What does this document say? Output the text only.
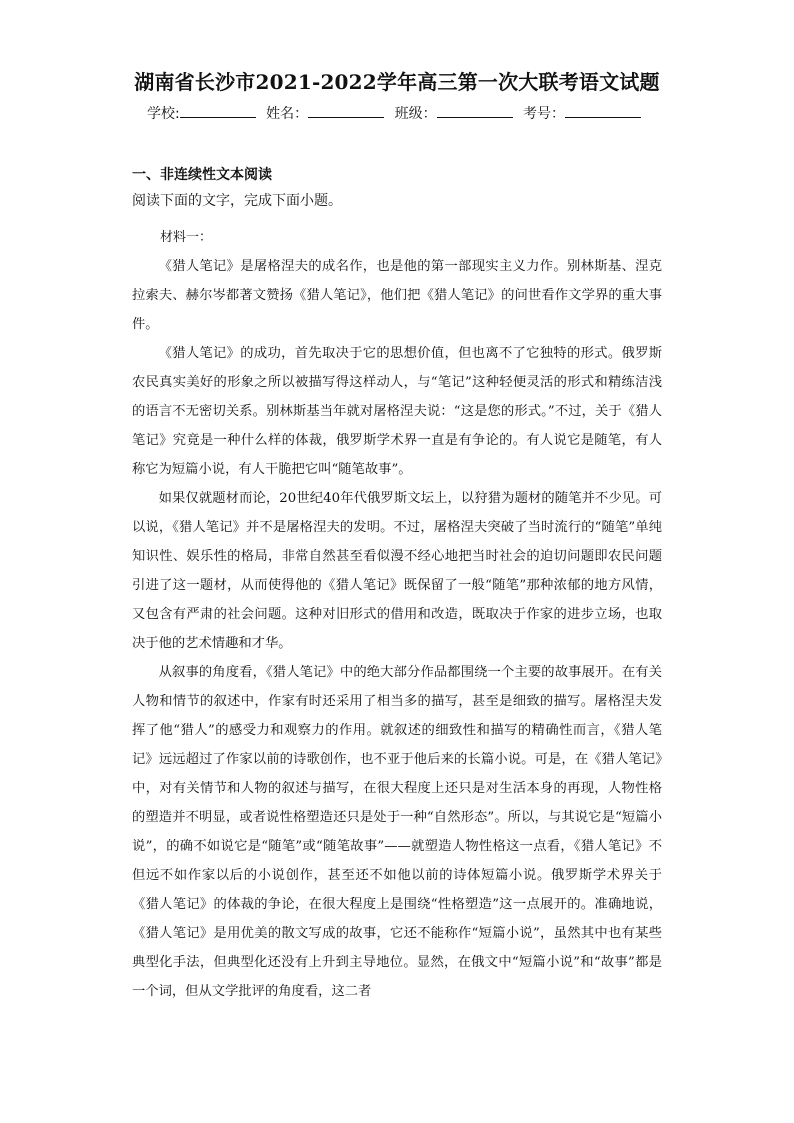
湖南省长沙市2021-2022学年高三第一次大联考语文试题
学校:	姓名：	班级：	考号：
一、非连续性文本阅读
阅读下面的文字，完成下面小题。
材料一：

《猎人笔记》是屠格涅夫的成名作，也是他的第一部现实主义力作。别林斯基、涅克拉索夫、赫尔岑都著文赞扬《猎人笔记》，他们把《猎人笔记》的问世看作文学界的重大事件。

《猎人笔记》的成功，首先取决于它的思想价值，但也离不了它独特的形式。俄罗斯农民真实美好的形象之所以被描写得这样动人，与“笔记”这种轻便灵活的形式和精练洁浅的语言不无密切关系。别林斯基当年就对屠格涅夫说：“这是您的形式。”不过，关于《猎人笔记》究竟是一种什么样的体裁，俄罗斯学术界一直是有争论的。有人说它是随笔，有人称它为短篇小说，有人干脆把它叫“随笔故事”。

如果仅就题材而论，20世纪40年代俄罗斯文坛上，以狩猎为题材的随笔并不少见。可以说，《猎人笔记》并不是屠格涅夫的发明。不过，屠格涅夫突破了当时流行的“随笔”单纯知识性、娱乐性的格局，非常自然甚至看似漫不经心地把当时社会的迫切问题即农民问题引进了这一题材，从而使得他的《猎人笔记》既保留了一般“随笔”那种浓郁的地方风情，又包含有严肃的社会问题。这种对旧形式的借用和改造，既取决于作家的进步立场，也取决于他的艺术情趣和才华。

从叙事的角度看，《猎人笔记》中的绝大部分作品都围绕一个主要的故事展开。在有关人物和情节的叙述中，作家有时还采用了相当多的描写，甚至是细致的描写。屠格涅夫发挥了他“猎人”的感受力和观察力的作用。就叙述的细致性和描写的精确性而言，《猎人笔记》远远超过了作家以前的诗歌创作，也不亚于他后来的长篇小说。可是，在《猎人笔记》中，对有关情节和人物的叙述与描写，在很大程度上还只是对生活本身的再现，人物性格的塑造并不明显，或者说性格塑造还只是处于一种“自然形态”。所以，与其说它是“短篇小说”，的确不如说它是“随笔”或“随笔故事”——就塑造人物性格这一点看，《猎人笔记》不但远不如作家以后的小说创作，甚至还不如他以前的诗体短篇小说。俄罗斯学术界关于《猎人笔记》的体裁的争论，在很大程度上是围绕“性格塑造”这一点展开的。准确地说，《猎人笔记》是用优美的散文写成的故事，它还不能称作“短篇小说”，虽然其中也有某些典型化手法，但典型化还没有上升到主导地位。显然，在俄文中“短篇小说”和“故事”都是一个词，但从文学批评的角度看，这二者
